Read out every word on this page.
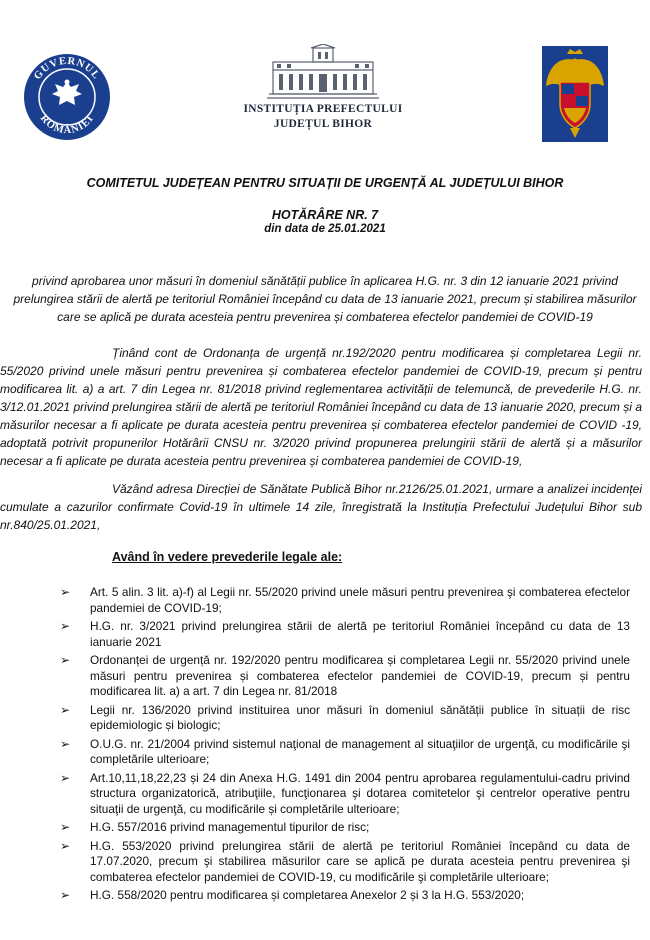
GUVERNUL
ROMÂNIEI
INSTITUȚIA PREFECTULUI
JUDEȚUL BIHOR
COMITETUL JUDEȚEAN PENTRU SITUAȚII DE URGENȚĂ AL JUDEȚULUI BIHOR
HOTĂRÂRE NR. 7
din data de 25.01.2021
privind aprobarea unor măsuri în domeniul sănătății publice în aplicarea H.G. nr. 3 din 12 ianuarie 2021 privind prelungirea stării de alertă pe teritoriul României începând cu data de 13 ianuarie 2021, precum și stabilirea măsurilor care se aplică pe durata acesteia pentru prevenirea și combaterea efectelor pandemiei de COVID-19
Ținând cont de Ordonanța de urgență nr.192/2020 pentru modificarea și completarea Legii nr. 55/2020 privind unele măsuri pentru prevenirea și combaterea efectelor pandemiei de COVID-19, precum și pentru modificarea lit. a) a art. 7 din Legea nr. 81/2018 privind reglementarea activității de telemuncă, de prevederile H.G. nr. 3/12.01.2021 privind prelungirea stării de alertă pe teritoriul României începând cu data de 13 ianuarie 2020, precum și a măsurilor necesar a fi aplicate pe durata acesteia pentru prevenirea și combaterea efectelor pandemiei de COVID -19, adoptată potrivit propunerilor Hotărârii CNSU nr. 3/2020 privind propunerea prelungirii stării de alertă și a măsurilor necesar a fi aplicate pe durata acesteia pentru prevenirea și combaterea pandemiei de COVID-19,
Văzând adresa Direcției de Sănătate Publică Bihor nr.2126/25.01.2021, urmare a analizei incidenței cumulate a cazurilor confirmate Covid-19 în ultimele 14 zile, înregistrată la Instituția Prefectului Județului Bihor sub nr.840/25.01.2021,
Având în vedere prevederile legale ale:
➢ Art. 5 alin. 3 lit. a)-f) al Legii nr. 55/2020 privind unele măsuri pentru prevenirea şi combaterea efectelor pandemiei de COVID-19;
➢ H.G. nr. 3/2021 privind prelungirea stării de alertă pe teritoriul României începând cu data de 13 ianuarie 2021
➢ Ordonanței de urgență nr. 192/2020 pentru modificarea și completarea Legii nr. 55/2020 privind unele măsuri pentru prevenirea și combaterea efectelor pandemiei de COVID-19, precum și pentru modificarea lit. a) a art. 7 din Legea nr. 81/2018
➢ Legii nr. 136/2020 privind instituirea unor măsuri în domeniul sănătății publice în situații de risc epidemiologic și biologic;
➢ O.U.G. nr. 21/2004 privind sistemul naţional de management al situaţiilor de urgenţă, cu modificările şi completările ulterioare;
➢ Art.10,11,18,22,23 și 24 din Anexa H.G. 1491 din 2004 pentru aprobarea regulamentului-cadru privind structura organizatorică, atribuţiile, funcţionarea şi dotarea comitetelor şi centrelor operative pentru situaţii de urgenţă, cu modificările și completările ulterioare;
➢ H.G. 557/2016 privind managementul tipurilor de risc;
➢ H.G. 553/2020 privind prelungirea stării de alertă pe teritoriul României începând cu data de 17.07.2020, precum şi stabilirea măsurilor care se aplică pe durata acesteia pentru prevenirea şi combaterea efectelor pandemiei de COVID-19, cu modificările şi completările ulterioare;
➢ H.G. 558/2020 pentru modificarea și completarea Anexelor 2 și 3 la H.G. 553/2020;
